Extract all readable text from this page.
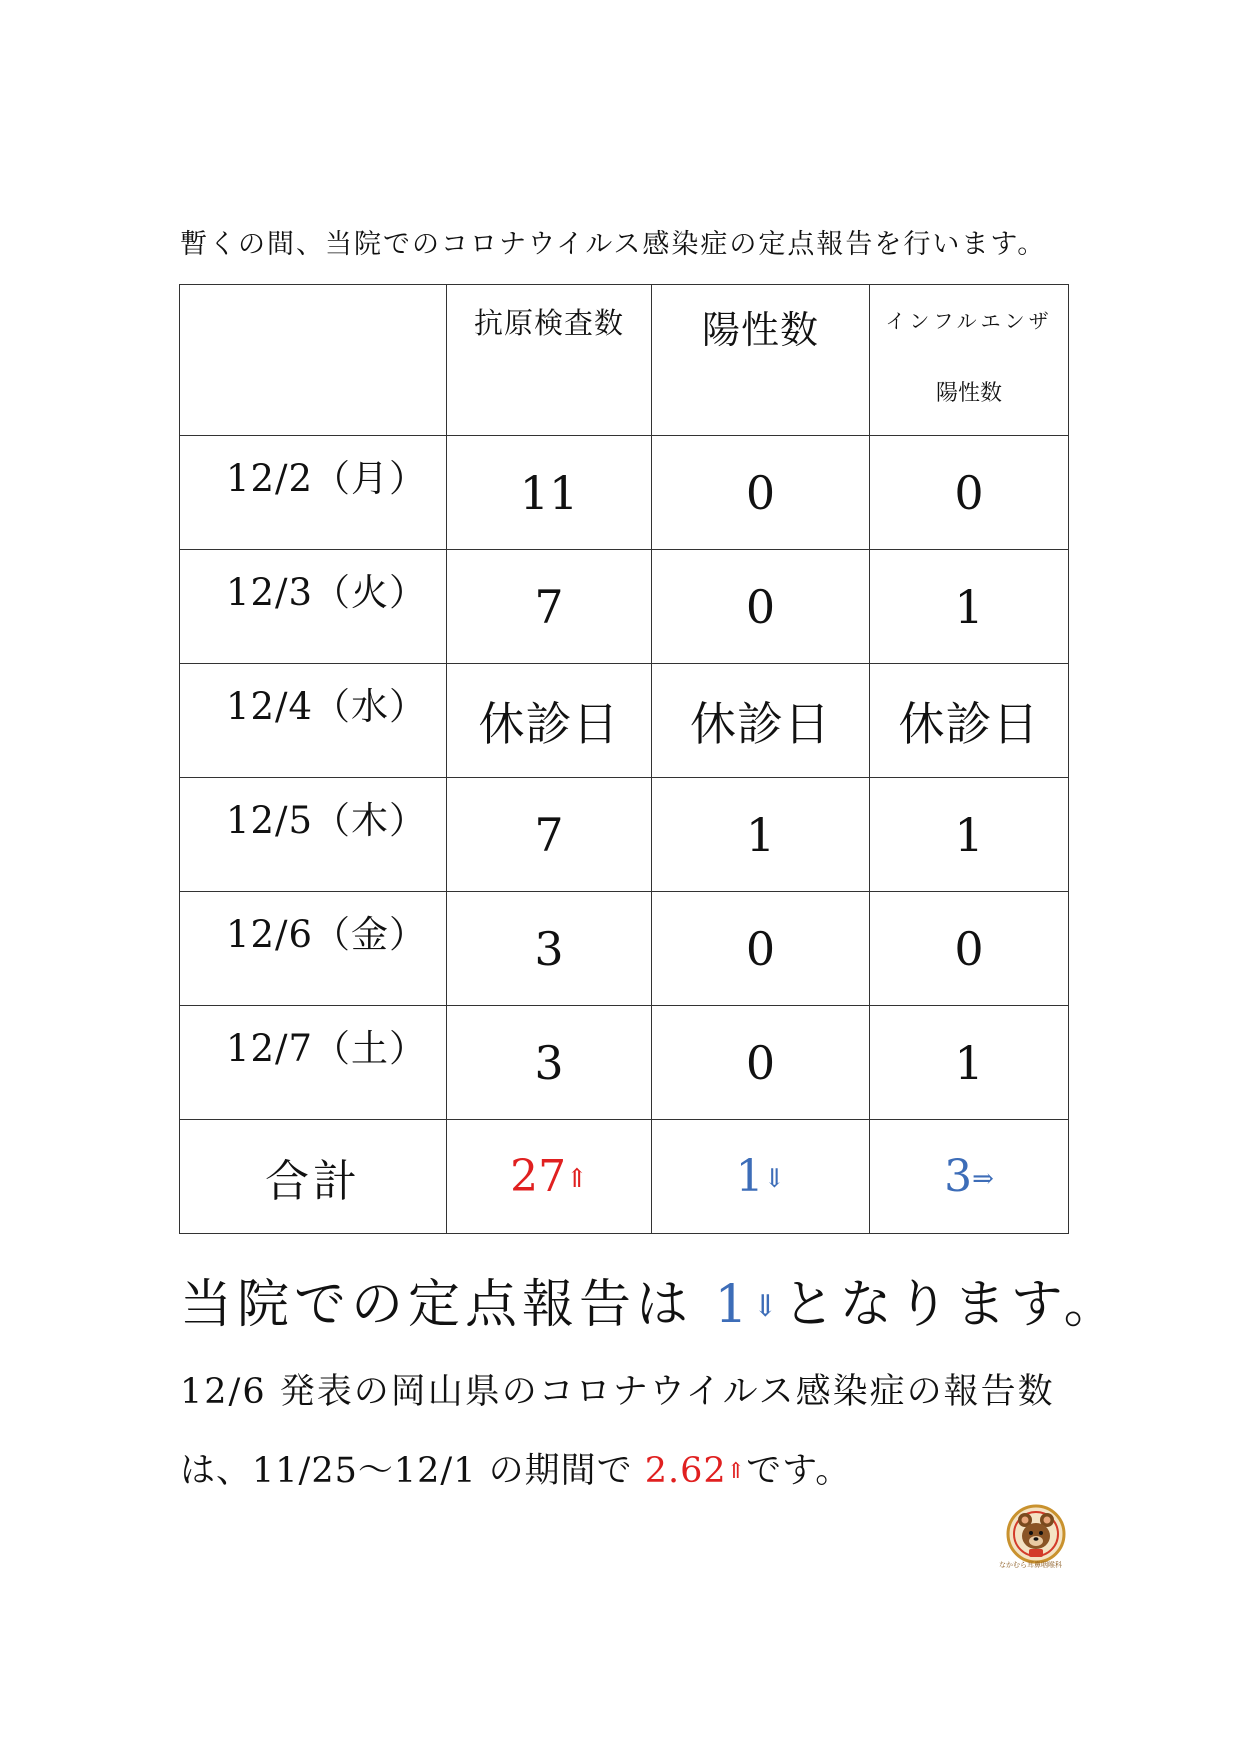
暫くの間、当院でのコロナウイルス感染症の定点報告を行います。

	抗原検査数	陽性数	インフルエンザ
陽性数

12/2（月）	11	0	0

12/3（火）	7	0	1

12/4（水）	休診日	休診日	休診日

12/5（木）	7	1	1

12/6（金）	3	0	0

12/7（土）	3	0	1
合計	27⇑	1⇓	3⇒
当院での定点報告は 1⇓となります。
12/6 発表の岡山県のコロナウイルス感染症の報告数
は、11/25～12/1 の期間で 2.62⇑です。
なかむら耳鼻咽喉科
